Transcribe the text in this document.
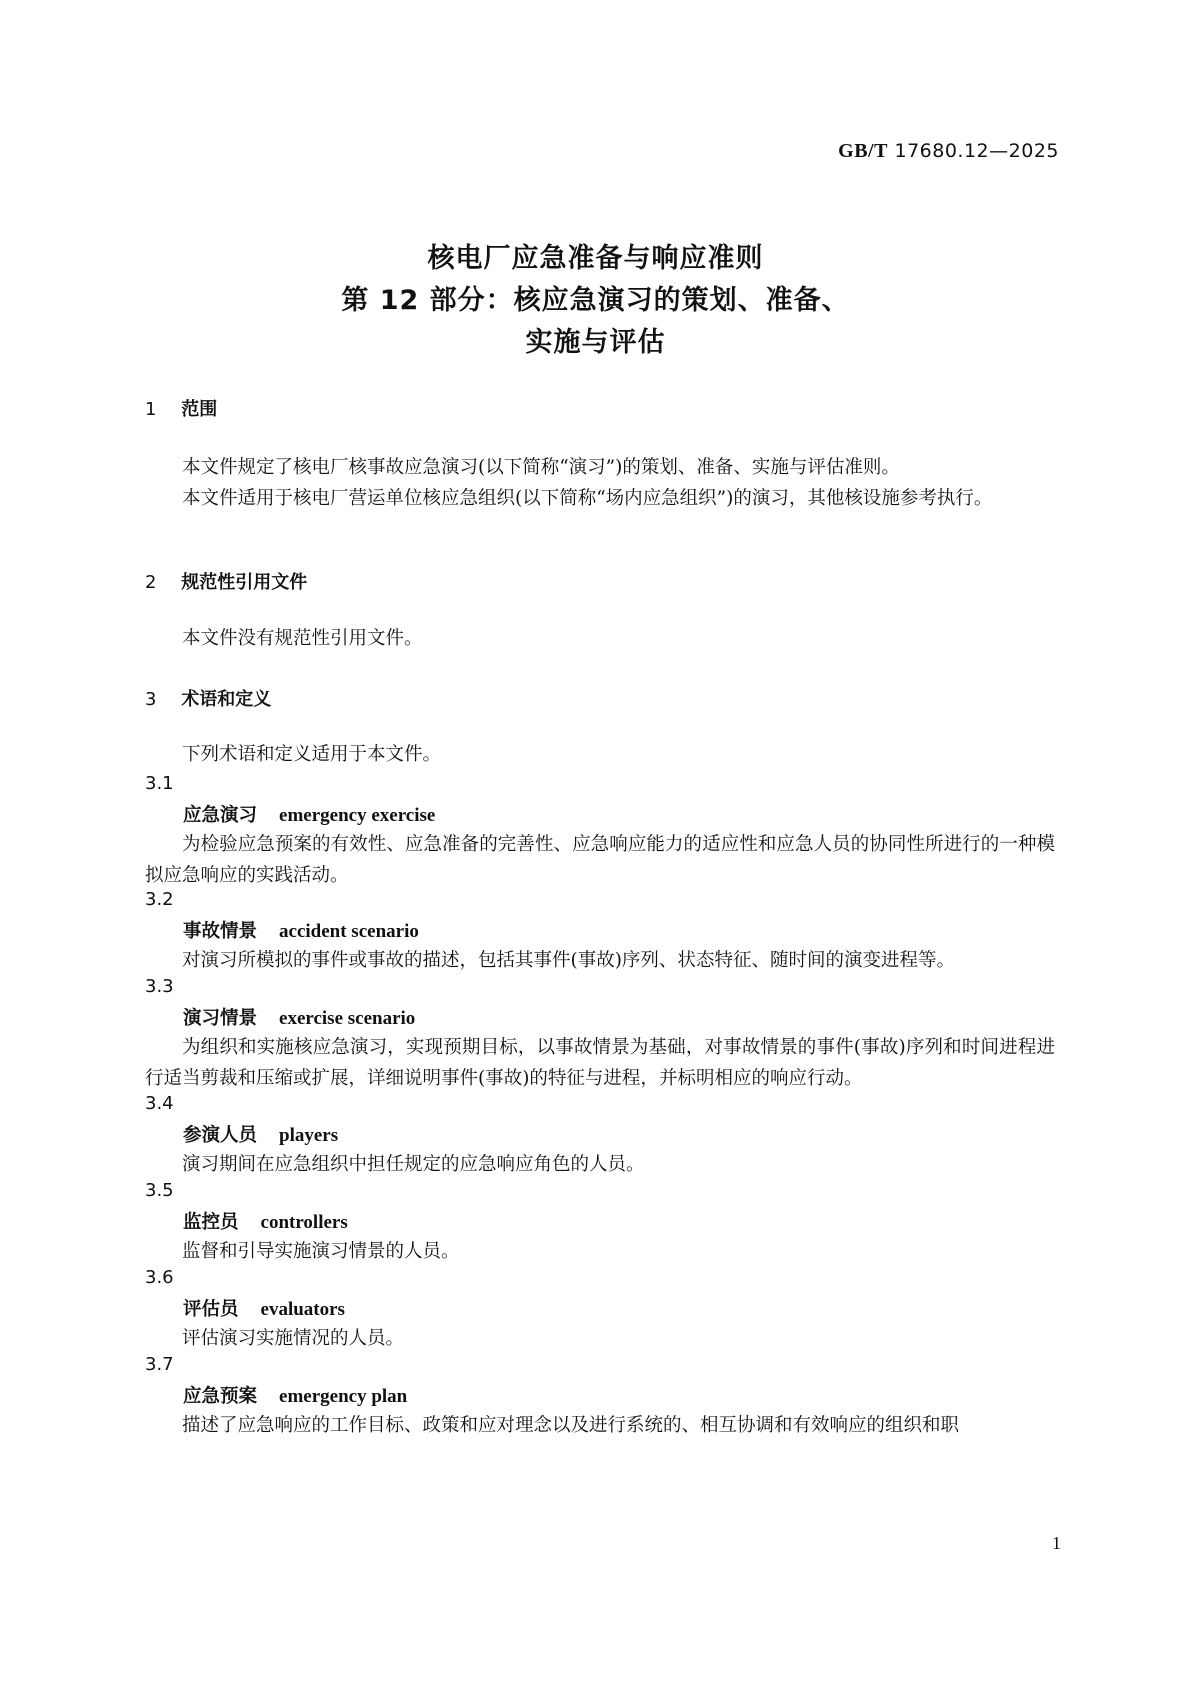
GB/T 17680.12—2025
核电厂应急准备与响应准则
第 12 部分：核应急演习的策划、准备、
实施与评估
1 范围

本文件规定了核电厂核事故应急演习(以下简称“演习”)的策划、准备、实施与评估准则。

本文件适用于核电厂营运单位核应急组织(以下简称“场内应急组织”)的演习，其他核设施参考执行。

2 规范性引用文件

本文件没有规范性引用文件。

3 术语和定义

下列术语和定义适用于本文件。

3.1
应急演习 emergency exercise

为检验应急预案的有效性、应急准备的完善性、应急响应能力的适应性和应急人员的协同性所进行的一种模拟应急响应的实践活动。

3.2
事故情景 accident scenario

对演习所模拟的事件或事故的描述，包括其事件(事故)序列、状态特征、随时间的演变进程等。

3.3
演习情景 exercise scenario

为组织和实施核应急演习，实现预期目标，以事故情景为基础，对事故情景的事件(事故)序列和时间进程进行适当剪裁和压缩或扩展，详细说明事件(事故)的特征与进程，并标明相应的响应行动。

3.4
参演人员 players

演习期间在应急组织中担任规定的应急响应角色的人员。

3.5
监控员 controllers

监督和引导实施演习情景的人员。

3.6
评估员 evaluators

评估演习实施情况的人员。

3.7
应急预案 emergency plan

描述了应急响应的工作目标、政策和应对理念以及进行系统的、相互协调和有效响应的组织和职

1
